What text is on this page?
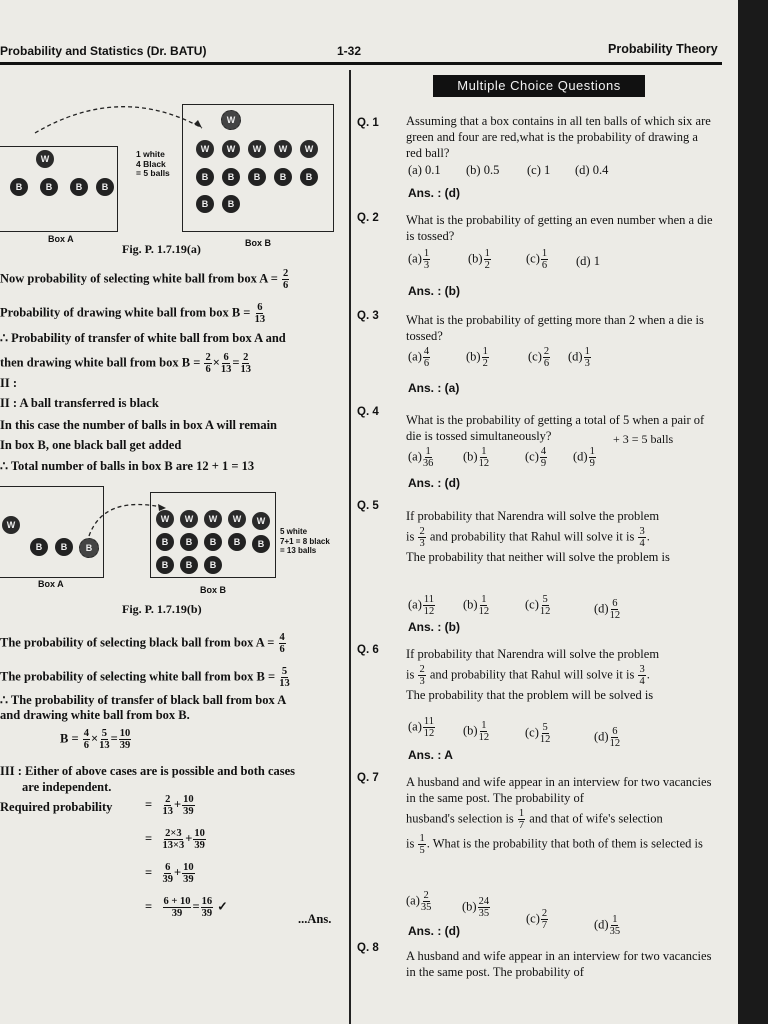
Probability and Statistics (Dr. BATU)	1-32	Probability Theory
W
B	B	B	B
1 white
4 Black
= 5 balls
Box A
W
W	W	W	W	W
B	B	B	B	B
B	B
Box B
Fig. P. 1.7.19(a)
Now probability of selecting white ball from box $A = \frac{2}{6}$
Probability of drawing white ball from box $B = \frac{6}{13}$
∴ Probability of transfer of white ball from box A and
then drawing white ball from box $B = \frac{2}{6} \times \frac{6}{13} = \frac{2}{13}$
II :
II : A ball transferred is black
In this case the number of balls in box A will remain
In box B, one black ball get added
∴ Total number of balls in box B are 12 + 1 = 13
W
B	B	B
Box A
W	W	W	W	W
B	B	B	B	B
B	B	B
5 white
7+1 = 8 black
= 13 balls
Box B
Fig. P. 1.7.19(b)
The probability of selecting black ball from box $A = \frac{4}{6}$
The probability of selecting white ball from box $B = \frac{5}{13}$
∴ The probability of transfer of black ball from box A
and drawing white ball from box B.
$B = \frac{4}{6} \times \frac{5}{13} = \frac{10}{39}$
III : Either of above cases are is possible and both cases
are independent.
Required probability	= $\frac{2}{13} + \frac{10}{39}$
= $\frac{2\times 3}{13\times 3} + \frac{10}{39}$
= $\frac{6}{39} + \frac{10}{39}$
= $\frac{6 + 10}{39} = \frac{16}{39}$ ✓
...Ans.
Multiple Choice Questions
Q. 1 Assuming that a box contains in all ten balls of which six are green and four are red,what is the probability of drawing a red ball?
(a) 0.1 (b) 0.5 (c) 1 (d) 0.4
Ans. : (d)
Q. 2 What is the probability of getting an even number when a die is tossed?
$(a) \frac{1}{3}$	$(b) \frac{1}{2}$	$(c) \frac{1}{6} (d)$ 1
Ans. : (b)
Q. 3 What is the probability of getting more than 2 when a die is tossed?
$(a) \frac{4}{6}$	$(b) \frac{1}{2}$	$(c) \frac{2}{6} (d) \frac{1}{3}$
Ans. : (a)
Q. 4
What is the probability of getting a total of 5 when a pair of die is tossed simultaneously?	+ 3 = 5 balls
$(a) \frac{1}{36} (b) \frac{1}{12}$	$(c) \frac{4}{9} (d) \frac{1}{9}$
Ans. : (d)
Q. 5
If probability that Narendra will solve the problem
is $\frac{2}{3}$ and probability that Rahul will solve it is $\frac{3}{4}$ .
The probability that neither will solve the problem is
$(a) \frac{11}{12} (b) \frac{1}{12}$	$(c) \frac{5}{12}$	$(d) \frac{6}{12}$
Ans. : (b)
Q. 6 If probability that Narendra will solve the problem
is $\frac{2}{3}$ and probability that Rahul will solve it is $\frac{3}{4}$ .
The probability that the problem will be solved is
$(a) \frac{11}{12} (b) \frac{1}{12}$	$(c) \frac{5}{12}$	$(d) \frac{6}{12}$
Ans. : A
Q. 7 A husband and wife appear in an interview for two vacancies in the same post. The probability of
husband's selection is $\frac{1}{7}$ and that of wife's selection
is $\frac{1}{5}$ . What is the probability that both of them is selected is
$(a) \frac{2}{35} (b) \frac{24}{35}$	$(c) \frac{2}{7}$	$(d) \frac{1}{35}$
Ans. : (d)
Q. 8
A husband and wife appear in an interview for two vacancies in the same post. The probability of
